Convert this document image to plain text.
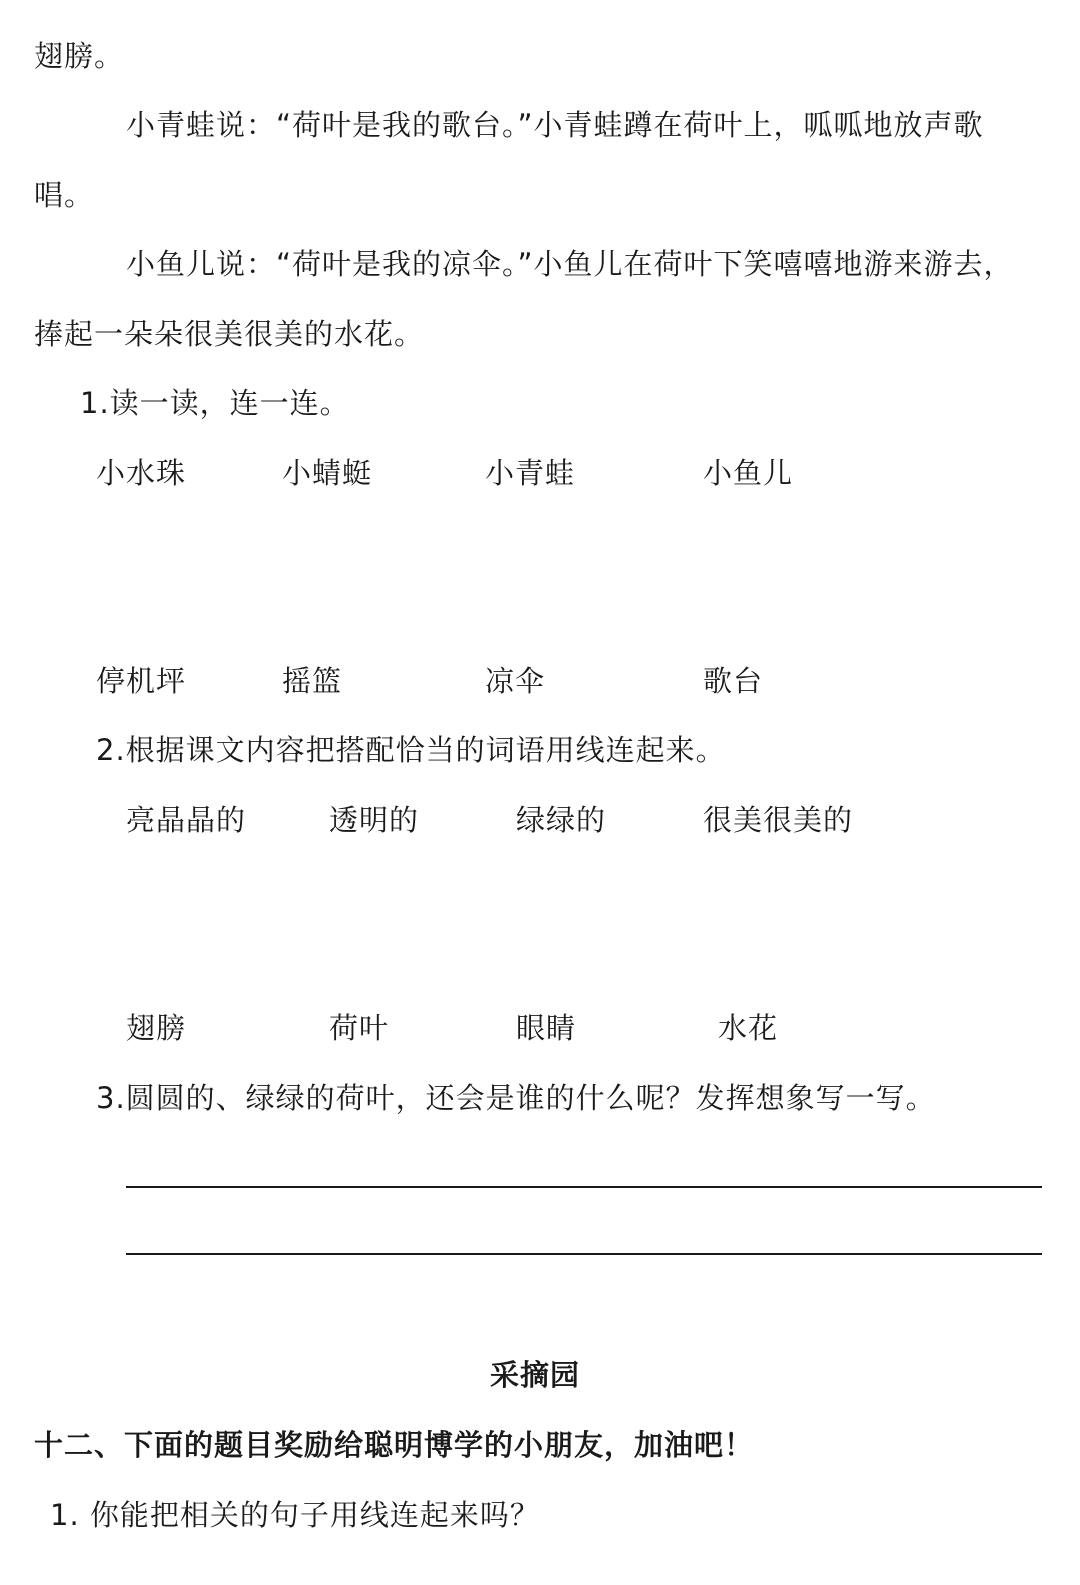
翅膀。
小青蛙说：“荷叶是我的歌台。”小青蛙蹲在荷叶上，呱呱地放声歌
唱。
小鱼儿说：“荷叶是我的凉伞。”小鱼儿在荷叶下笑嘻嘻地游来游去，
捧起一朵朵很美很美的水花。
1.读一读，连一连。
小水珠	小蜻蜓	小青蛙	小鱼儿
停机坪	摇篮	凉伞	歌台
2.根据课文内容把搭配恰当的词语用线连起来。
亮晶晶的	透明的	绿绿的	很美很美的
翅膀	荷叶	眼睛	水花
3.圆圆的、绿绿的荷叶，还会是谁的什么呢？发挥想象写一写。
采摘园
十二、下面的题目奖励给聪明博学的小朋友，加油吧！
1. 你能把相关的句子用线连起来吗？
